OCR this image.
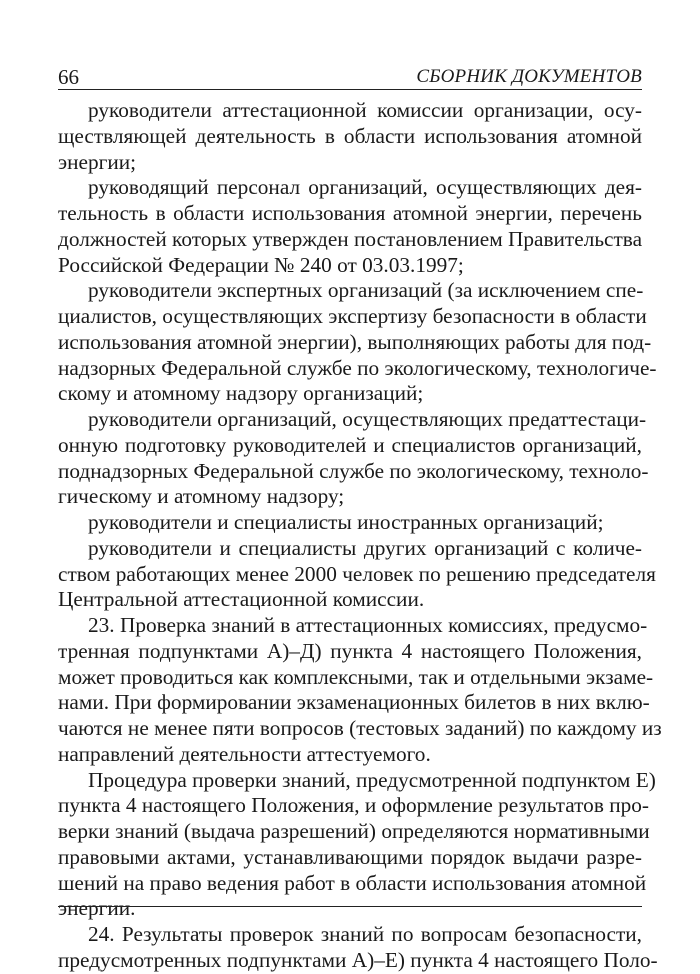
66	СБОРНИК ДОКУМЕНТОВ

руководители аттестационной комиссии организации, осу-
ществляющей деятельность в области использования атомной
энергии;

руководящий персонал организаций, осуществляющих дея-
тельность в области использования атомной энергии, перечень
должностей которых утвержден постановлением Правительства
Российской Федерации № 240 от 03.03.1997;

руководители экспертных организаций (за исключением спе-
циалистов, осуществляющих экспертизу безопасности в области
использования атомной энергии), выполняющих работы для под-
надзорных Федеральной службе по экологическому, технологиче-
скому и атомному надзору организаций;

руководители организаций, осуществляющих предаттестаци-
онную подготовку руководителей и специалистов организаций,
поднадзорных Федеральной службе по экологическому, техноло-
гическому и атомному надзору;

руководители и специалисты иностранных организаций;

руководители и специалисты других организаций с количе-
ством работающих менее 2000 человек по решению председателя
Центральной аттестационной комиссии.

23. Проверка знаний в аттестационных комиссиях, предусмо-
тренная подпунктами А)–Д) пункта 4 настоящего Положения,
может проводиться как комплексными, так и отдельными экзаме-
нами. При формировании экзаменационных билетов в них вклю-
чаются не менее пяти вопросов (тестовых заданий) по каждому из
направлений деятельности аттестуемого.

Процедура проверки знаний, предусмотренной подпунктом Е)
пункта 4 настоящего Положения, и оформление результатов про-
верки знаний (выдача разрешений) определяются нормативными
правовыми актами, устанавливающими порядок выдачи разре-
шений на право ведения работ в области использования атомной
энергии.

24. Результаты проверок знаний по вопросам безопасности,
предусмотренных подпунктами А)–Е) пункта 4 настоящего Поло-
